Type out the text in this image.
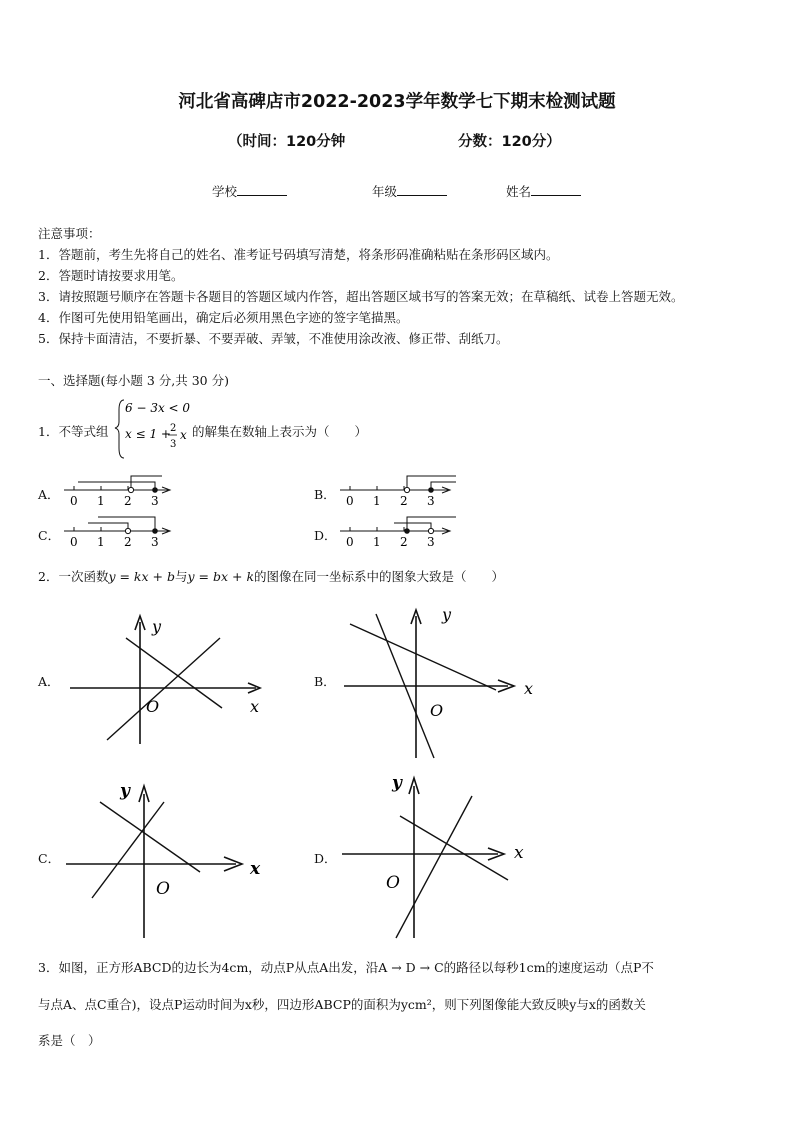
河北省高碑店市2022-2023学年数学七下期末检测试题
（时间：120分钟	分数：120分）
学校	年级	姓名
注意事项：
1．答题前，考生先将自己的姓名、准考证号码填写清楚，将条形码准确粘贴在条形码区域内。
2．答题时请按要求用笔。
3．请按照题号顺序在答题卡各题目的答题区域内作答，超出答题区域书写的答案无效；在草稿纸、试卷上答题无效。
4．作图可先使用铅笔画出，确定后必须用黑色字迹的签字笔描黑。
5．保持卡面清洁，不要折暴、不要弄破、弄皱，不准使用涂改液、修正带、刮纸刀。
一、选择题(每小题 3 分,共 30 分)
1．不等式组
6 − 3x < 0
x ≤ 1 + 2
3
x 的解集在数轴上表示为（　　）
A． 0 1 2 3	B． 0 1 2 3
C． 0 1 2 3	D． 0 1 2 3
2．一次函数y = kx + b与y = bx + k的图像在同一坐标系中的图象大致是（　　）
A．
y
x
O
B．
y
x
O
C．
y
x
O
D．
y
x
O
3．如图，正方形ABCD的边长为4cm，动点P从点A出发，沿A → D → C的路径以每秒1cm的速度运动（点P不
与点A、点C重合)，设点P运动时间为x秒，四边形ABCP的面积为ycm²，则下列图像能大致反映y与x的函数关
系是（　）
